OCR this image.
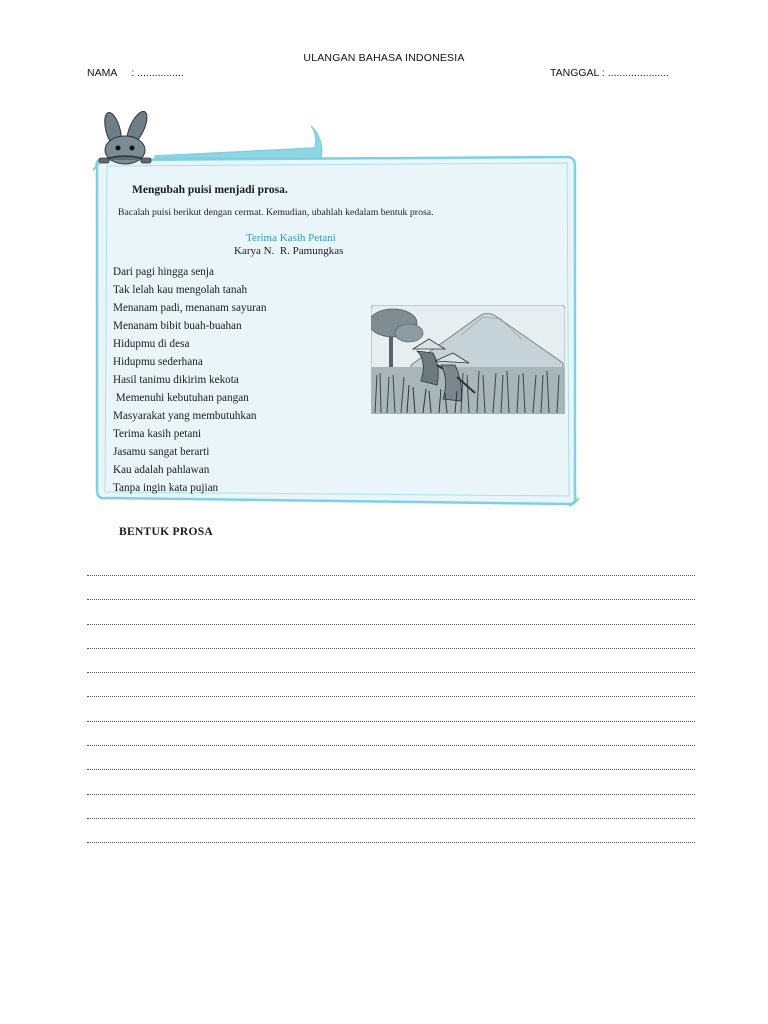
ULANGAN BAHASA INDONESIA
NAMA     : ................	TANGGAL : .....................
Mengubah puisi menjadi prosa.
Bacalah puisi berikut dengan cermat. Kemudian, ubahlah kedalam bentuk prosa.
Terima Kasih Petani
Karya N.  R. Pamungkas
Dari pagi hingga senja
Tak lelah kau mengolah tanah
Menanam padi, menanam sayuran
Menanam bibit buah-buahan
Hidupmu di desa
Hidupmu sederhana
Hasil tanimu dikirim kekota
Memenuhi kebutuhan pangan
Masyarakat yang membutuhkan
Terima kasih petani
Jasamu sangat berarti
Kau adalah pahlawan
Tanpa ingin kata pujian
BENTUK PROSA
